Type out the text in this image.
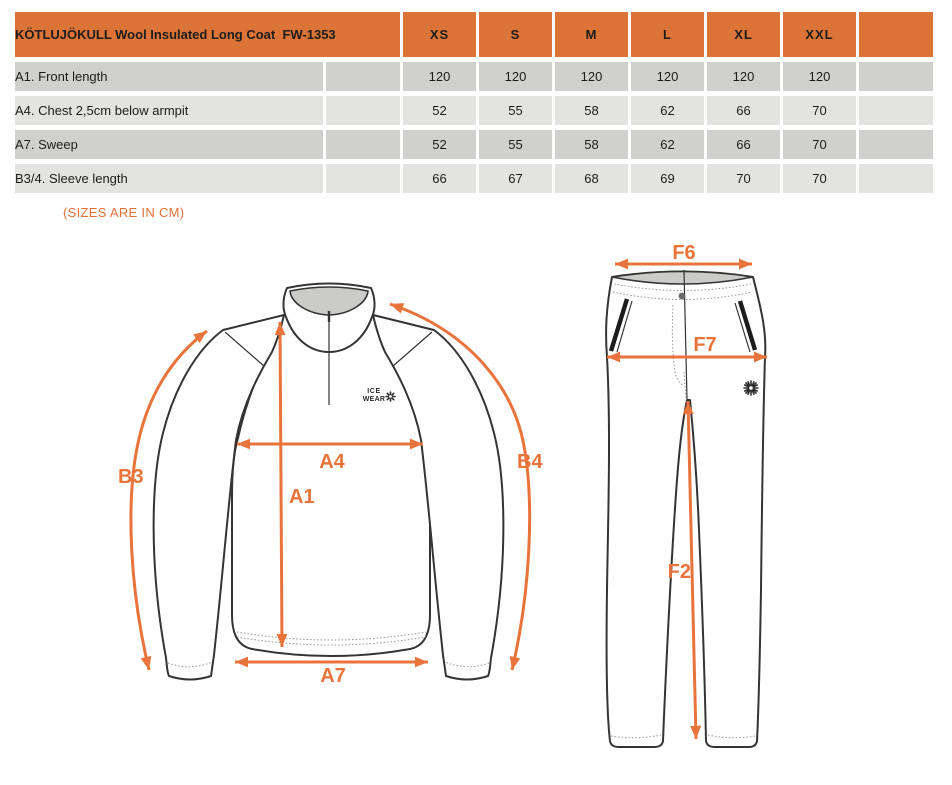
KÖTLUJÖKULL Wool Insulated Long Coat  FW-1353		XS	S	M	L	XL	XXL	
A1. Front length		120	120	120	120	120	120	
A4. Chest 2,5cm below armpit		52	55	58	62	66	70	
A7. Sweep		52	55	58	62	66	70	
B3/4. Sleeve length		66	67	68	69	70	70	
(SIZES ARE IN CM)
ICE
WEAR
B3
A4
A1
A7
B4
F6
F7
F2
